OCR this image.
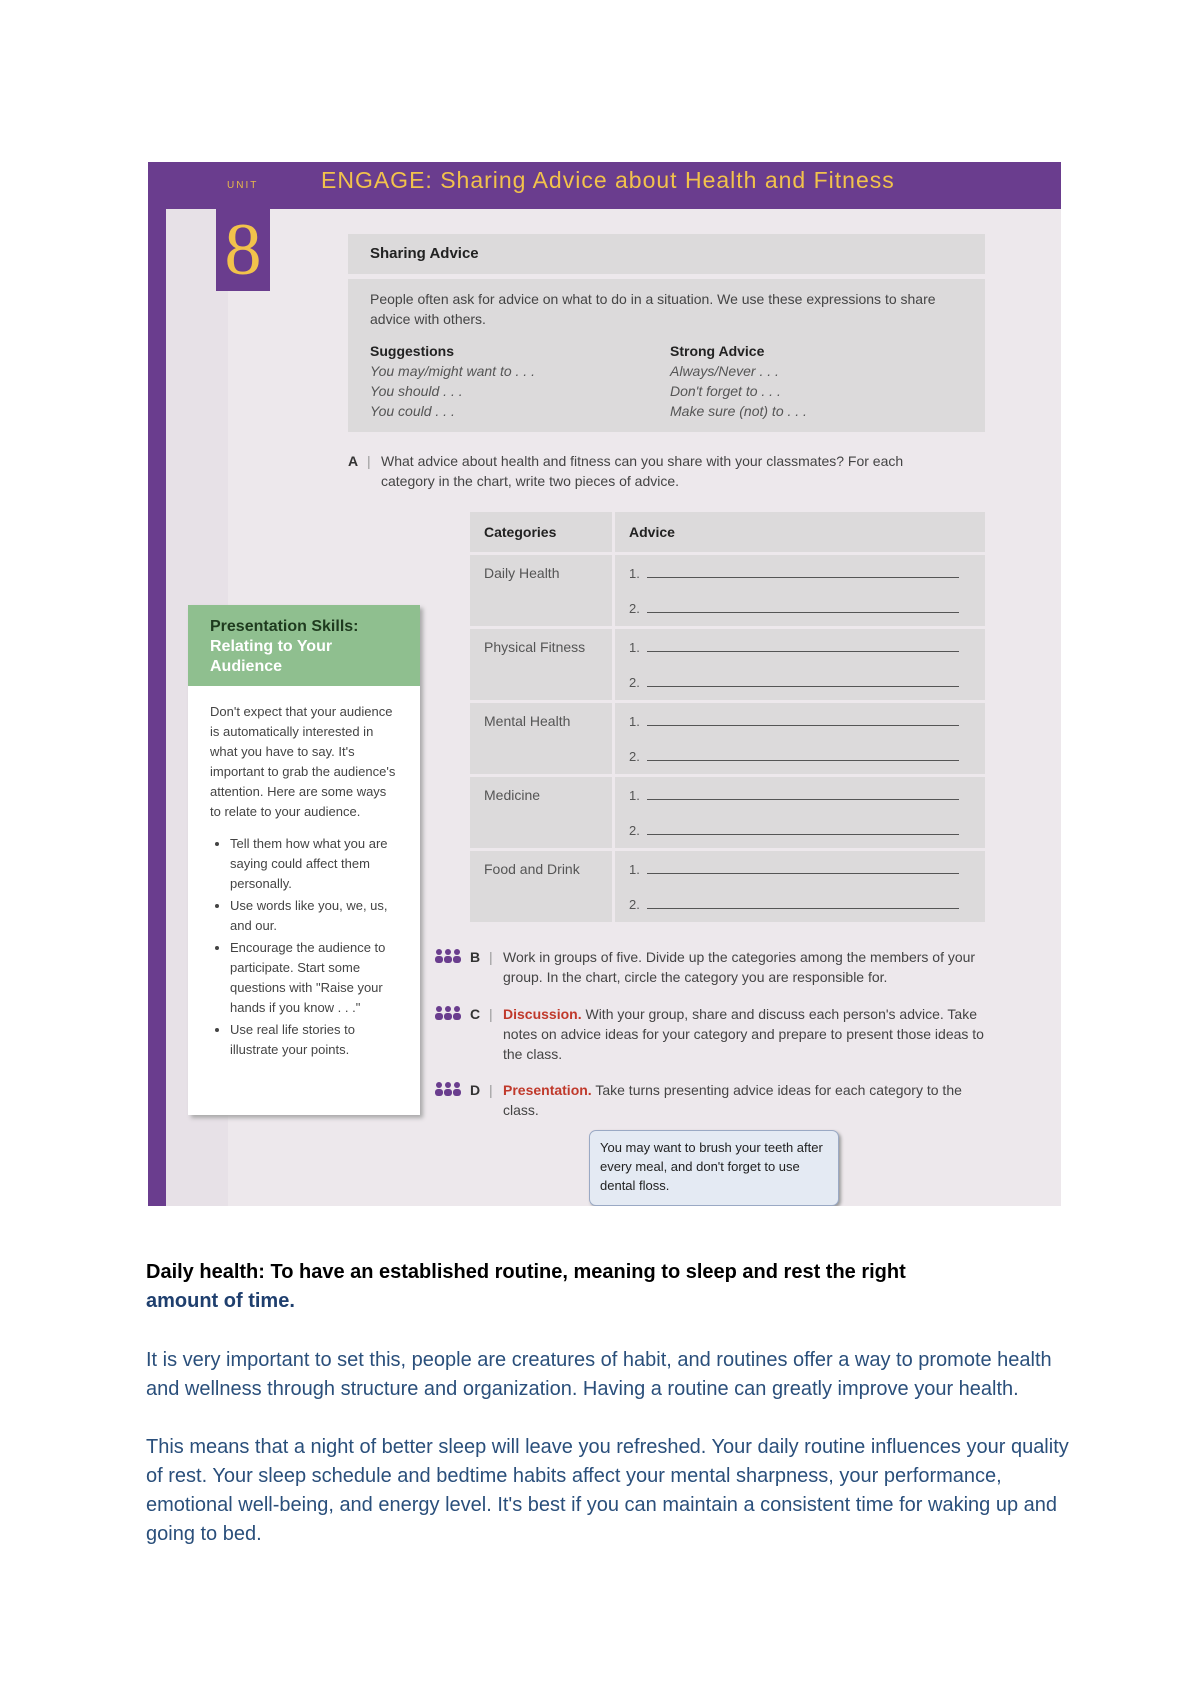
UNIT	ENGAGE: Sharing Advice about Health and Fitness
8	Sharing Advice
People often ask for advice on what to do in a situation. We use these expressions to share advice with others.
Suggestions
You may/might want to . . .
You should . . .
You could . . .
Strong Advice
Always/Never . . .
Don't forget to . . .
Make sure (not) to . . .
A | What advice about health and fitness can you share with your classmates? For each category in the chart, write two pieces of advice.
Categories	Advice
Daily Health	1.
2.
Physical Fitness	1.
2.
Mental Health	1.
2.
Medicine	1.
2.
Food and Drink	1.
2.
Presentation Skills:
Relating to Your Audience
Don't expect that your audience is automatically interested in what you have to say. It's important to grab the audience's attention. Here are some ways to relate to your audience.
• Tell them how what you are saying could affect them personally.
• Use words like you, we, us, and our.
• Encourage the audience to participate. Start some questions with "Raise your hands if you know . . ."
• Use real life stories to illustrate your points.
B | Work in groups of five. Divide up the categories among the members of your group. In the chart, circle the category you are responsible for.
C | Discussion. With your group, share and discuss each person's advice. Take notes on advice ideas for your category and prepare to present those ideas to the class.
D | Presentation. Take turns presenting advice ideas for each category to the class.
You may want to brush your teeth after every meal, and don't forget to use dental floss.
Daily health: To have an established routine, meaning to sleep and rest the right
amount of time.
It is very important to set this, people are creatures of habit, and routines offer a way to promote health and wellness through structure and organization. Having a routine can greatly improve your health.
This means that a night of better sleep will leave you refreshed. Your daily routine influences your quality of rest. Your sleep schedule and bedtime habits affect your mental sharpness, your performance, emotional well-being, and energy level. It's best if you can maintain a consistent time for waking up and going to bed.
